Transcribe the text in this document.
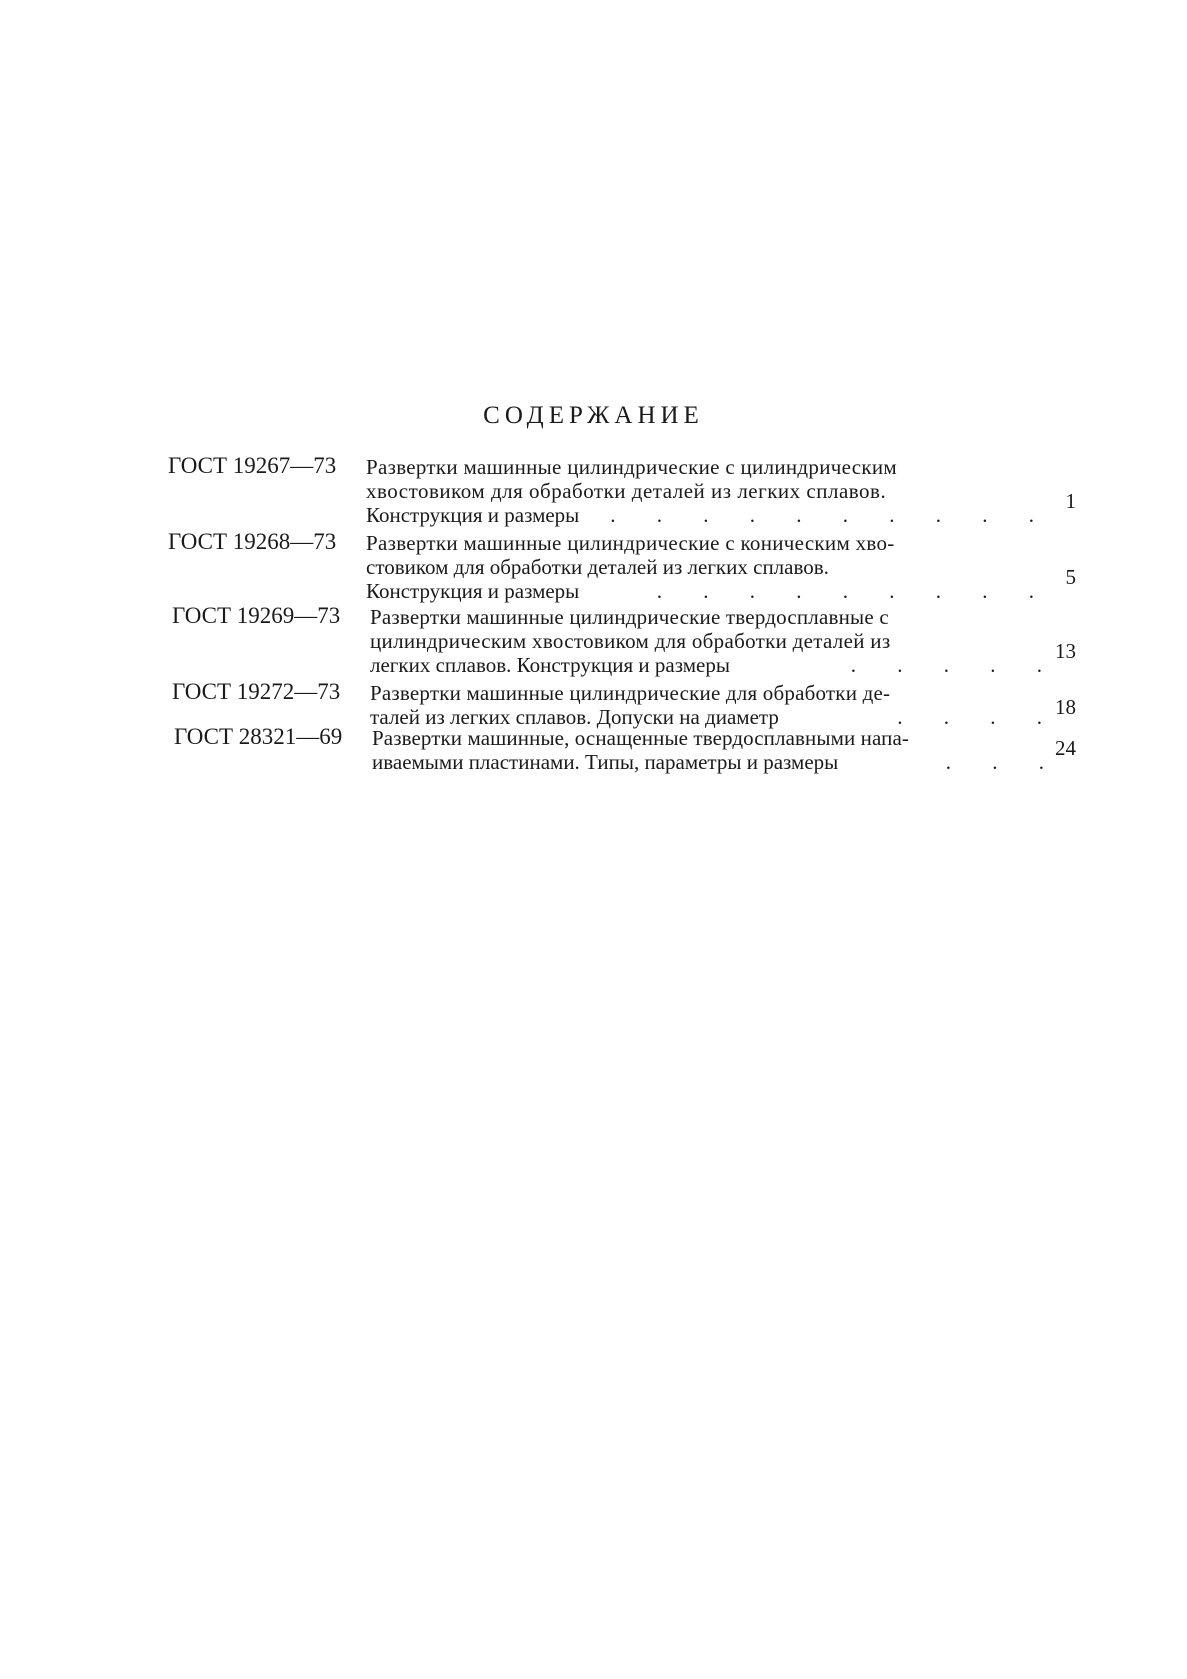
СОДЕРЖАНИЕ
ГОСТ 19267—73 Развертки машинные цилиндрические с цилиндрическим
хвостовиком для обработки деталей из легких сплавов.
Конструкция и размеры . . . . . . . . . .
1
ГОСТ 19268—73 Развертки машинные цилиндрические с коническим хво-
стовиком для обработки деталей из легких сплавов.
Конструкция и размеры	. . . . . . . . .
5
ГОСТ 19269—73 Развертки машинные цилиндрические твердосплавные с
цилиндрическим хвостовиком для обработки деталей из
легких сплавов. Конструкция и размеры	. . . . .
13
ГОСТ 19272—73 Развертки машинные цилиндрические для обработки де-
талей из легких сплавов. Допуски на диаметр	. . . .
18
ГОСТ 28321—69 Развертки машинные, оснащенные твердосплавными напа-
иваемыми пластинами. Типы, параметры и размеры	. . .
24
